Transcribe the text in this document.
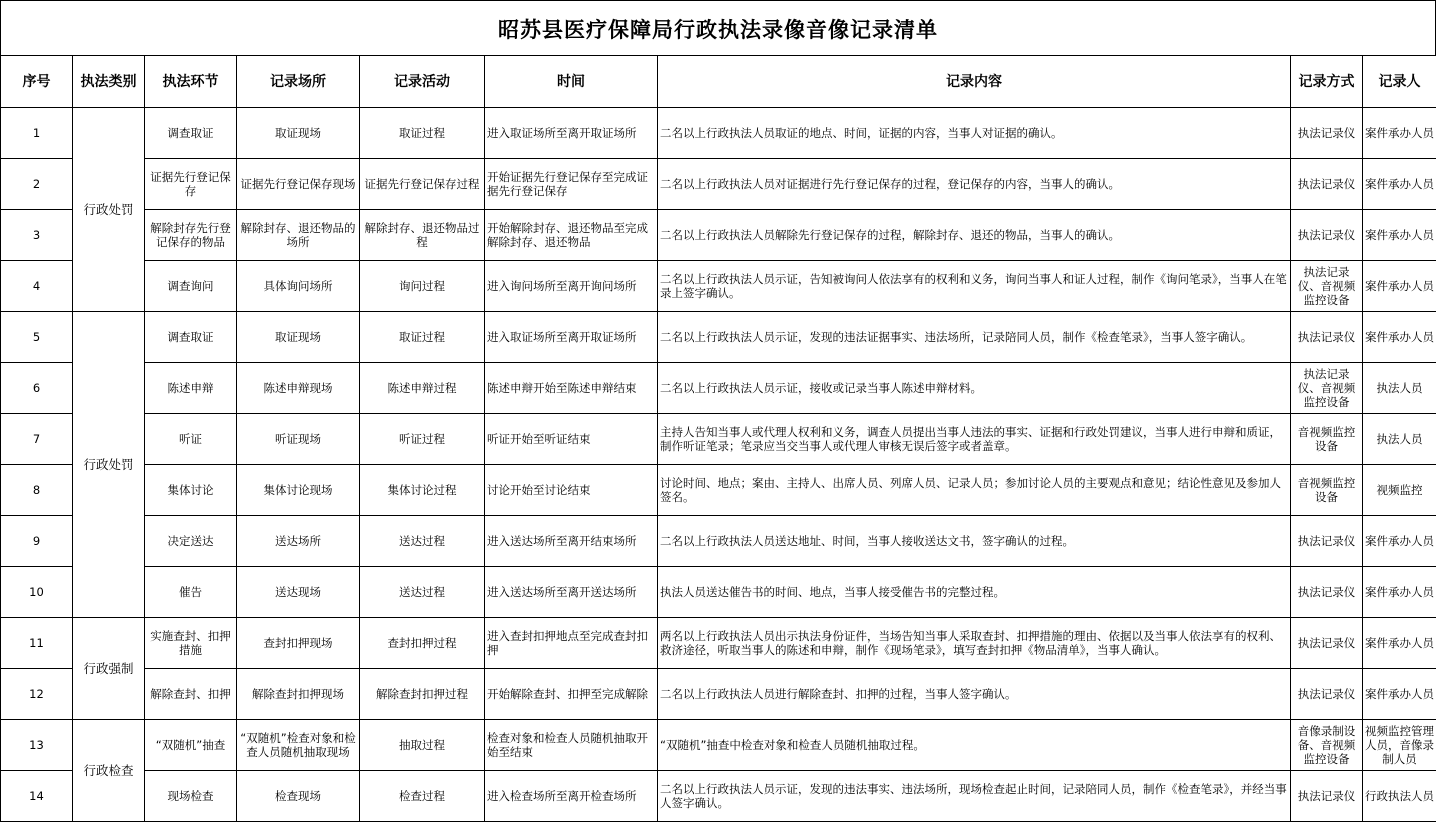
昭苏县医疗保障局行政执法录像音像记录清单
序号	执法类别	执法环节	记录场所	记录活动	时间	记录内容	记录方式	记录人
1	行政处罚	调查取证	取证现场	取证过程	进入取证场所至离开取证场所	二名以上行政执法人员取证的地点、时间，证据的内容，当事人对证据的确认。	执法记录仪	案件承办人员
2		证据先行登记保存	证据先行登记保存现场	证据先行登记保存过程	开始证据先行登记保存至完成证据先行登记保存	二名以上行政执法人员对证据进行先行登记保存的过程，登记保存的内容，当事人的确认。	执法记录仪	案件承办人员
3		解除封存先行登记保存的物品	解除封存、退还物品的场所	解除封存、退还物品过程	开始解除封存、退还物品至完成解除封存、退还物品	二名以上行政执法人员解除先行登记保存的过程，解除封存、退还的物品，当事人的确认。	执法记录仪	案件承办人员
4		调查询问	具体询问场所	询问过程	进入询问场所至离开询问场所	二名以上行政执法人员示证，告知被询问人依法享有的权利和义务，询问当事人和证人过程，制作《询问笔录》，当事人在笔录上签字确认。	执法记录仪、音视频监控设备	案件承办人员
5	行政处罚	调查取证	取证现场	取证过程	进入取证场所至离开取证场所	二名以上行政执法人员示证，发现的违法证据事实、违法场所，记录陪同人员，制作《检查笔录》，当事人签字确认。	执法记录仪	案件承办人员
6		陈述申辩	陈述申辩现场	陈述申辩过程	陈述申辩开始至陈述申辩结束	二名以上行政执法人员示证，接收或记录当事人陈述申辩材料。	执法记录仪、音视频监控设备	执法人员
7		听证	听证现场	听证过程	听证开始至听证结束	主持人告知当事人或代理人权利和义务，调查人员提出当事人违法的事实、证据和行政处罚建议，当事人进行申辩和质证，制作听证笔录；笔录应当交当事人或代理人审核无误后签字或者盖章。	音视频监控设备	执法人员
8		集体讨论	集体讨论现场	集体讨论过程	讨论开始至讨论结束	讨论时间、地点；案由、主持人、出席人员、列席人员、记录人员；参加讨论人员的主要观点和意见；结论性意见及参加人签名。	音视频监控设备	视频监控
9		决定送达	送达场所	送达过程	进入送达场所至离开结束场所	二名以上行政执法人员送达地址、时间，当事人接收送达文书，签字确认的过程。	执法记录仪	案件承办人员
10		催告	送达现场	送达过程	进入送达场所至离开送达场所	执法人员送达催告书的时间、地点，当事人接受催告书的完整过程。	执法记录仪	案件承办人员
11	行政强制	实施查封、扣押措施	查封扣押现场	查封扣押过程	进入查封扣押地点至完成查封扣押	两名以上行政执法人员出示执法身份证件，当场告知当事人采取查封、扣押措施的理由、依据以及当事人依法享有的权利、救济途径，听取当事人的陈述和申辩，制作《现场笔录》，填写查封扣押《物品清单》，当事人确认。	执法记录仪	案件承办人员
12		解除查封、扣押	解除查封扣押现场	解除查封扣押过程	开始解除查封、扣押至完成解除	二名以上行政执法人员进行解除查封、扣押的过程，当事人签字确认。	执法记录仪	案件承办人员
13	行政检查	“双随机”抽查	“双随机”检查对象和检查人员随机抽取现场	抽取过程	检查对象和检查人员随机抽取开始至结束	“双随机”抽查中检查对象和检查人员随机抽取过程。	音像录制设备、音视频监控设备	视频监控管理人员，音像录制人员
14		现场检查	检查现场	检查过程	进入检查场所至离开检查场所	二名以上行政执法人员示证，发现的违法事实、违法场所，现场检查起止时间，记录陪同人员，制作《检查笔录》，并经当事人签字确认。	执法记录仪	行政执法人员
